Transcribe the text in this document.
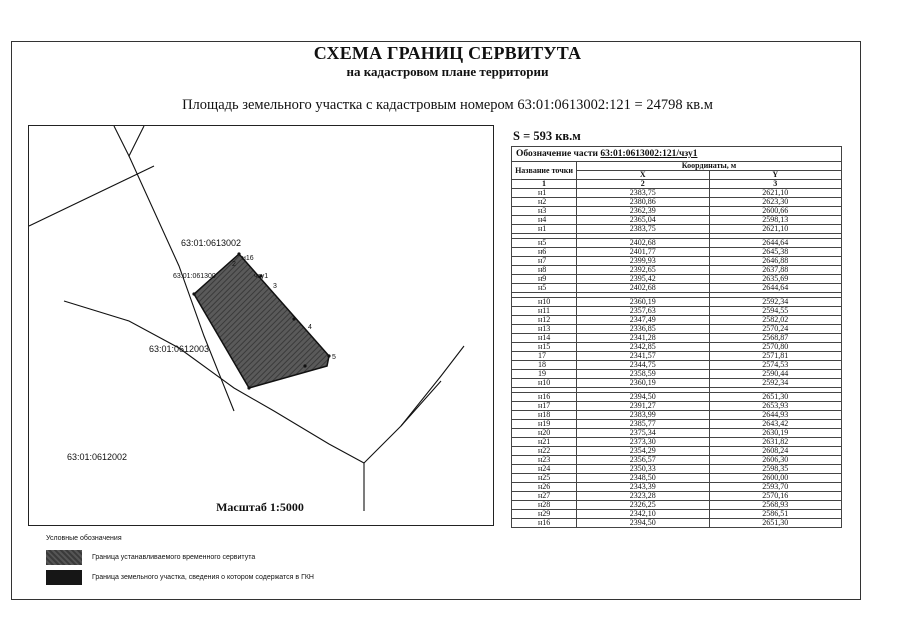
СХЕМА ГРАНИЦ СЕРВИТУТА
на кадастровом плане территории
Площадь земельного участка с кадастровым номером 63:01:0613002:121 = 24798 кв.м
63:01:0613002
63:01:0612003
63:01:0612002
63:01:061300	чзу1
н16
2
3
4
5
Масштаб 1:5000
S = 593 кв.м
Обозначение части 63:01:0613002:121/чзу1		
Название точки	Координаты, м	
	X	Y
1	2	3
н1	2383,75	2621,10
н2	2380,86	2623,30
н3	2362,39	2600,66
н4	2365,04	2598,13
н1	2383,75	2621,10

н5	2402,68	2644,64
н6	2401,77	2645,38
н7	2399,93	2646,88
н8	2392,65	2637,88
н9	2395,42	2635,69
н5	2402,68	2644,64

н10	2360,19	2592,34
н11	2357,63	2594,55
н12	2347,49	2582,02
н13	2336,85	2570,24
н14	2341,28	2568,87
н15	2342,85	2570,80
17	2341,57	2571,81
18	2344,75	2574,53
19	2358,59	2590,44
н10	2360,19	2592,34

н16	2394,50	2651,30
н17	2391,27	2653,93
н18	2383,99	2644,93
н19	2385,77	2643,42
н20	2375,34	2630,19
н21	2373,30	2631,82
н22	2354,29	2608,24
н23	2356,57	2606,30
н24	2350,33	2598,35
н25	2348,50	2600,00
н26	2343,39	2593,70
н27	2323,28	2570,16
н28	2326,25	2568,93
н29	2342,10	2586,51
н16	2394,50	2651,30
Условные обозначения
Граница устанавливаемого временного сервитута
Граница земельного участка, сведения о котором содержатся в ГКН
